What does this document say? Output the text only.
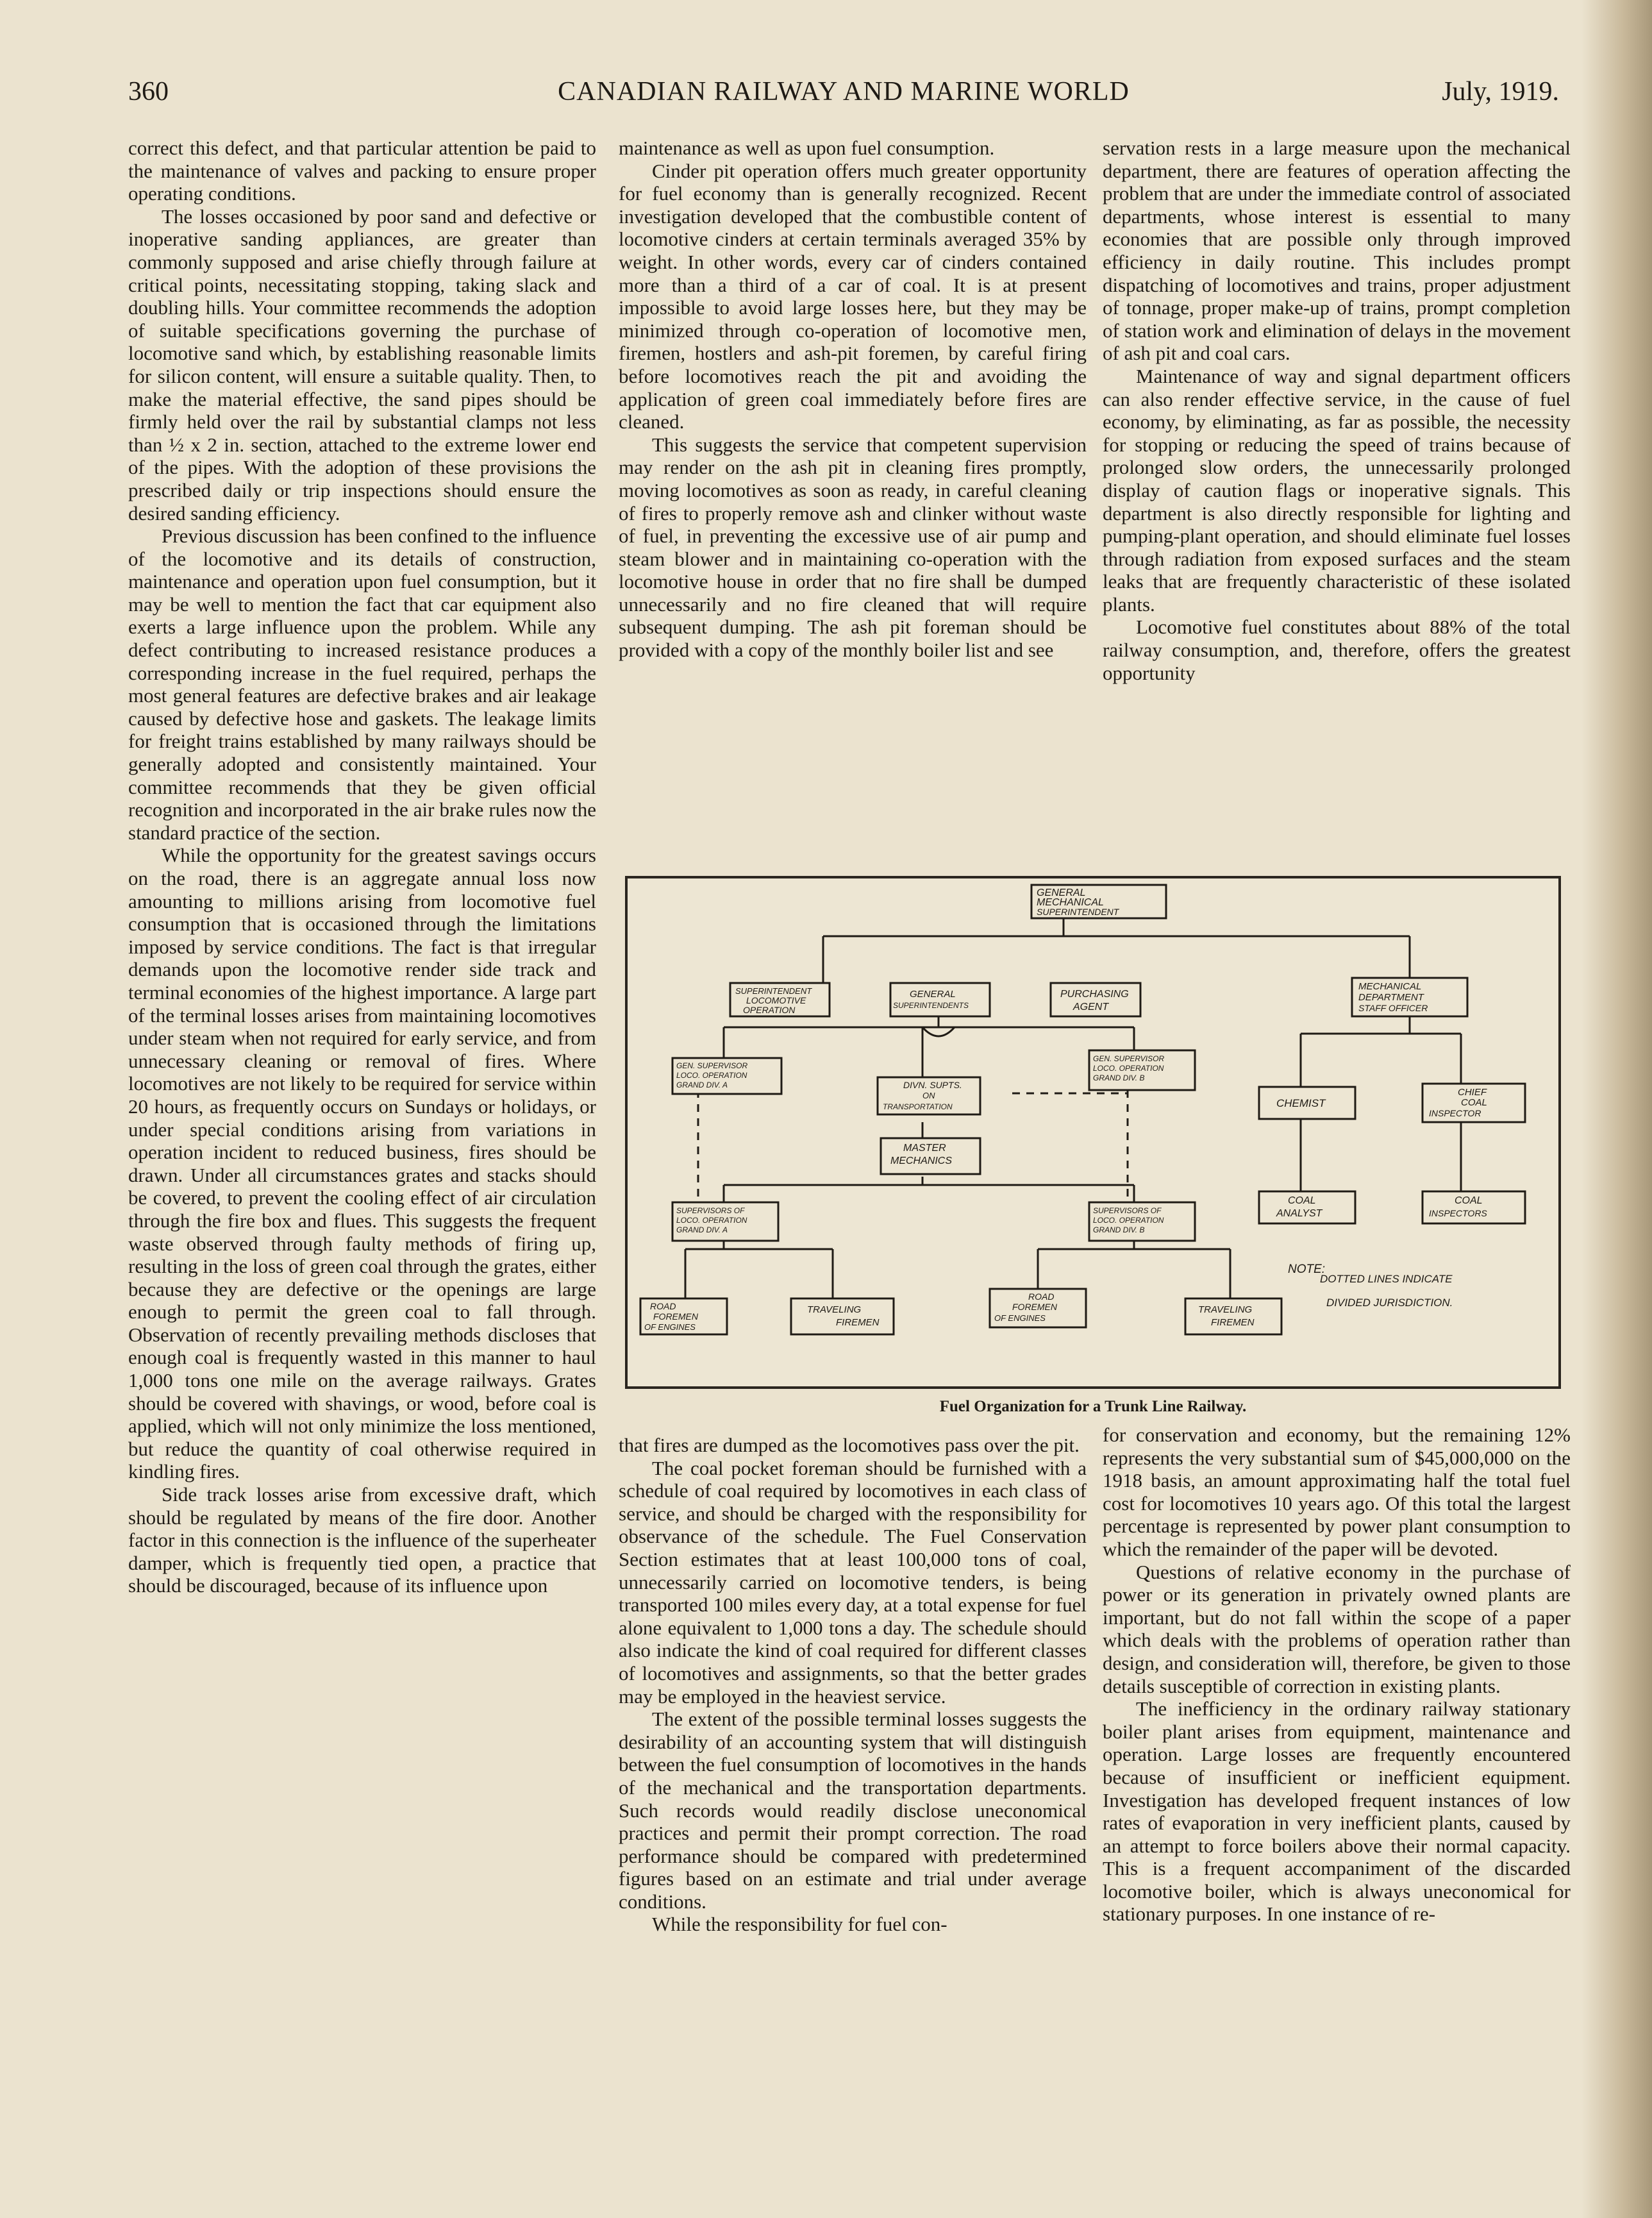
360	CANADIAN RAILWAY AND MARINE WORLD	July, 1919.

correct this defect, and that particular attention be paid to the maintenance of valves and packing to ensure proper operating conditions.

The losses occasioned by poor sand and defective or inoperative sanding appliances, are greater than commonly supposed and arise chiefly through failure at critical points, necessitating stopping, taking slack and doubling hills. Your committee recommends the adoption of suitable specifications governing the purchase of locomotive sand which, by establishing reasonable limits for silicon content, will ensure a suitable quality. Then, to make the material effective, the sand pipes should be firmly held over the rail by substantial clamps not less than ½ x 2 in. section, attached to the extreme lower end of the pipes. With the adoption of these provisions the prescribed daily or trip inspections should ensure the desired sanding efficiency.

Previous discussion has been confined to the influence of the locomotive and its details of construction, maintenance and operation upon fuel consumption, but it may be well to mention the fact that car equipment also exerts a large influence upon the problem. While any defect contributing to increased resistance produces a corresponding increase in the fuel required, perhaps the most general features are defective brakes and air leakage caused by defective hose and gaskets. The leakage limits for freight trains established by many railways should be generally adopted and consistently maintained. Your committee recommends that they be given official recognition and incorporated in the air brake rules now the standard practice of the section.

While the opportunity for the greatest savings occurs on the road, there is an aggregate annual loss now amounting to millions arising from locomotive fuel consumption that is occasioned through the limitations imposed by service conditions. The fact is that irregular demands upon the locomotive render side track and terminal economies of the highest importance. A large part of the terminal losses arises from maintaining locomotives under steam when not required for early service, and from unnecessary cleaning or removal of fires. Where locomotives are not likely to be required for service within 20 hours, as frequently occurs on Sundays or holidays, or under special conditions arising from variations in operation incident to reduced business, fires should be drawn. Under all circumstances grates and stacks should be covered, to prevent the cooling effect of air circulation through the fire box and flues. This suggests the frequent waste observed through faulty methods of firing up, resulting in the loss of green coal through the grates, either because they are defective or the openings are large enough to permit the green coal to fall through. Observation of recently prevailing methods discloses that enough coal is frequently wasted in this manner to haul 1,000 tons one mile on the average railways. Grates should be covered with shavings, or wood, before coal is applied, which will not only minimize the loss mentioned, but reduce the quantity of coal otherwise required in kindling fires.

Side track losses arise from excessive draft, which should be regulated by means of the fire door. Another factor in this connection is the influence of the superheater damper, which is frequently tied open, a practice that should be discouraged, because of its influence upon

maintenance as well as upon fuel consumption.

Cinder pit operation offers much greater opportunity for fuel economy than is generally recognized. Recent investigation developed that the combustible content of locomotive cinders at certain terminals averaged 35% by weight. In other words, every car of cinders contained more than a third of a car of coal. It is at present impossible to avoid large losses here, but they may be minimized through co-operation of locomotive men, firemen, hostlers and ash-pit foremen, by careful firing before locomotives reach the pit and avoiding the application of green coal immediately before fires are cleaned.

This suggests the service that competent supervision may render on the ash pit in cleaning fires promptly, moving locomotives as soon as ready, in careful cleaning of fires to properly remove ash and clinker without waste of fuel, in preventing the excessive use of air pump and steam blower and in maintaining co-operation with the locomotive house in order that no fire shall be dumped unnecessarily and no fire cleaned that will require subsequent dumping. The ash pit foreman should be provided with a copy of the monthly boiler list and see

servation rests in a large measure upon the mechanical department, there are features of operation affecting the problem that are under the immediate control of associated departments, whose interest is essential to many economies that are possible only through improved efficiency in daily routine. This includes prompt dispatching of locomotives and trains, proper adjustment of tonnage, proper make-up of trains, prompt completion of station work and elimination of delays in the movement of ash pit and coal cars.

Maintenance of way and signal department officers can also render effective service, in the cause of fuel economy, by eliminating, as far as possible, the necessity for stopping or reducing the speed of trains because of prolonged slow orders, the unnecessarily prolonged display of caution flags or inoperative signals. This department is also directly responsible for lighting and pumping-plant operation, and should eliminate fuel losses through radiation from exposed surfaces and the steam leaks that are frequently characteristic of these isolated plants.

Locomotive fuel constitutes about 88% of the total railway consumption, and, therefore, offers the greatest opportunity

GENERAL
MECHANICAL
SUPERINTENDENT
SUPERINTENDENT
LOCOMOTIVE
OPERATION
GENERAL
SUPERINTENDENTS
PURCHASING
AGENT
MECHANICAL
DEPARTMENT
STAFF OFFICER
GEN. SUPERVISOR
LOCO. OPERATION
GRAND DIV. A
GEN. SUPERVISOR
LOCO. OPERATION
GRAND DIV. B
DIVN. SUPTS.
ON
TRANSPORTATION
MASTER
MECHANICS
CHEMIST
CHIEF
COAL
INSPECTOR
COAL
ANALYST
COAL
INSPECTORS
SUPERVISORS OF
LOCO. OPERATION
GRAND DIV. A
SUPERVISORS OF
LOCO. OPERATION
GRAND DIV. B
ROAD
FOREMEN
OF ENGINES
TRAVELING
FIREMEN
ROAD
FOREMEN
OF ENGINES
TRAVELING
FIREMEN
NOTE:
DOTTED LINES INDICATE
DIVIDED JURISDICTION.
Fuel Organization for a Trunk Line Railway.

that fires are dumped as the locomotives pass over the pit.

The coal pocket foreman should be furnished with a schedule of coal required by locomotives in each class of service, and should be charged with the responsibility for observance of the schedule. The Fuel Conservation Section estimates that at least 100,000 tons of coal, unnecessarily carried on locomotive tenders, is being transported 100 miles every day, at a total expense for fuel alone equivalent to 1,000 tons a day. The schedule should also indicate the kind of coal required for different classes of locomotives and assignments, so that the better grades may be employed in the heaviest service.

The extent of the possible terminal losses suggests the desirability of an accounting system that will distinguish between the fuel consumption of locomotives in the hands of the mechanical and the transportation departments. Such records would readily disclose uneconomical practices and permit their prompt correction. The road performance should be compared with predetermined figures based on an estimate and trial under average conditions.

While the responsibility for fuel con-

for conservation and economy, but the remaining 12% represents the very substantial sum of $45,000,000 on the 1918 basis, an amount approximating half the total fuel cost for locomotives 10 years ago. Of this total the largest percentage is represented by power plant consumption to which the remainder of the paper will be devoted.

Questions of relative economy in the purchase of power or its generation in privately owned plants are important, but do not fall within the scope of a paper which deals with the problems of operation rather than design, and consideration will, therefore, be given to those details susceptible of correction in existing plants.

The inefficiency in the ordinary railway stationary boiler plant arises from equipment, maintenance and operation. Large losses are frequently encountered because of insufficient or inefficient equipment. Investigation has developed frequent instances of low rates of evaporation in very inefficient plants, caused by an attempt to force boilers above their normal capacity. This is a frequent accompaniment of the discarded locomotive boiler, which is always uneconomical for stationary purposes. In one instance of re-
